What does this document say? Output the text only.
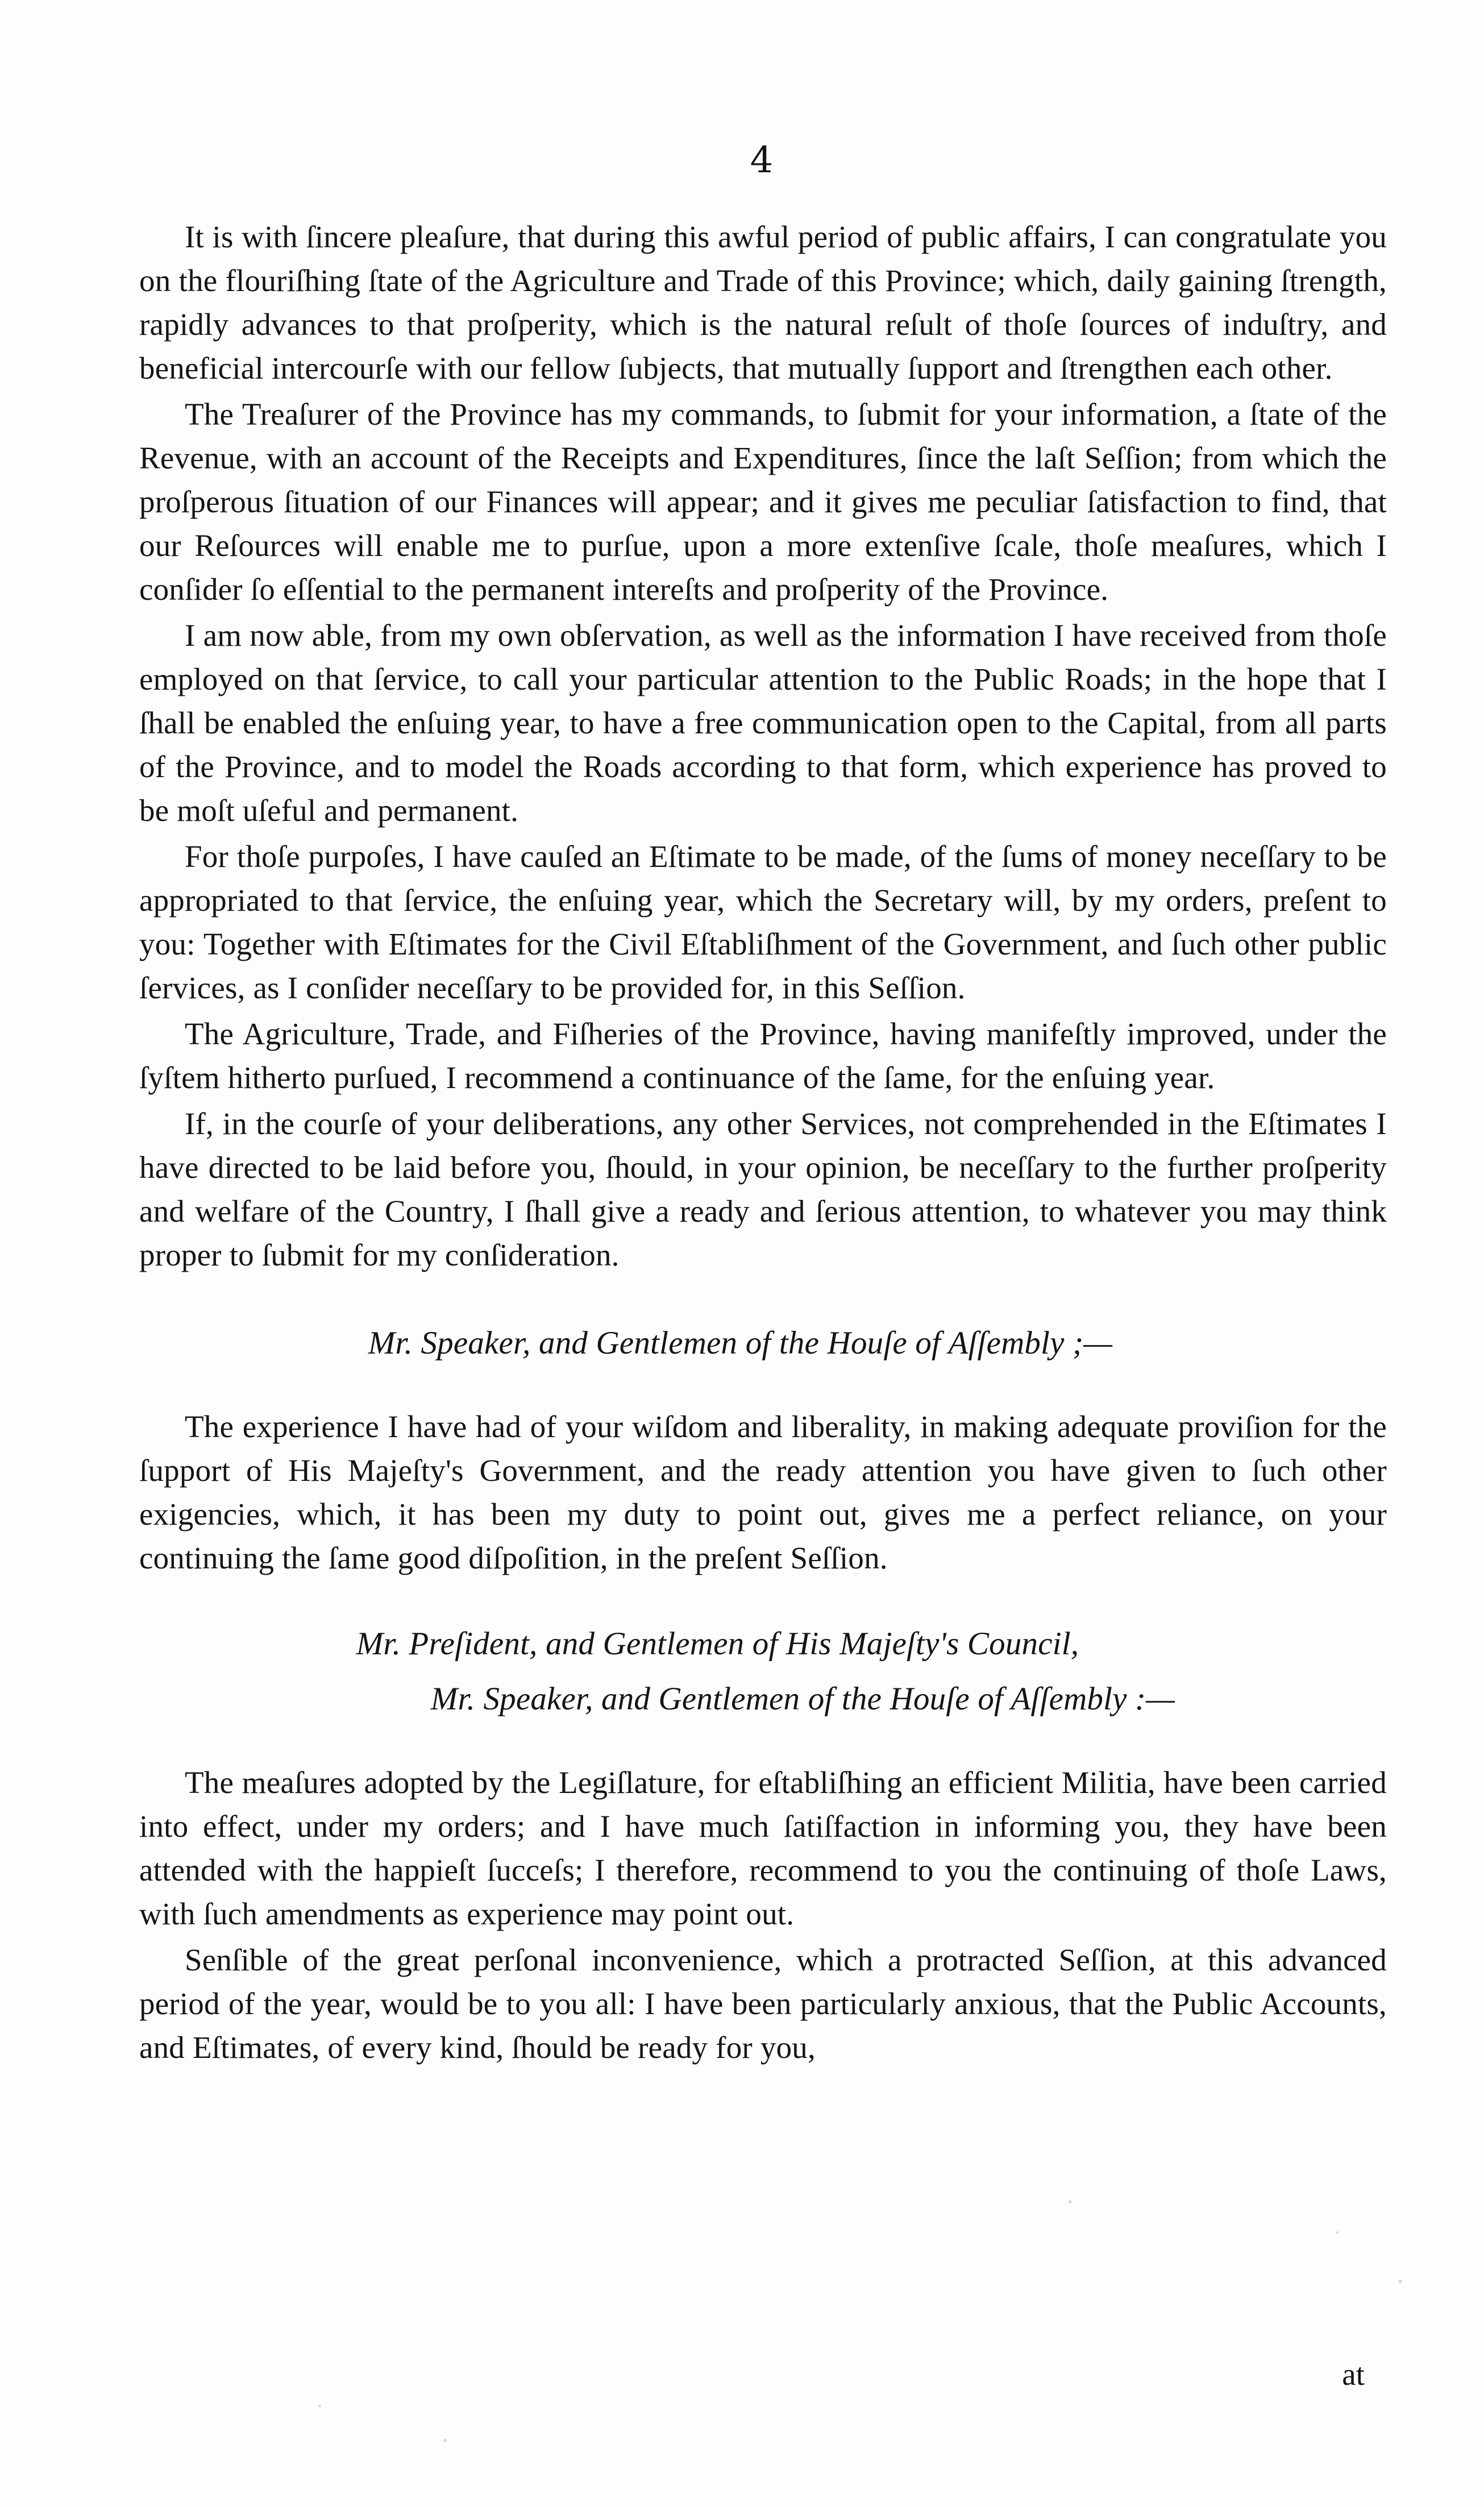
4

It is with ſincere pleaſure, that during this awful period of public affairs, I can congratulate you on the flouriſhing ſtate of the Agriculture and Trade of this Province; which, daily gaining ſtrength, rapidly advances to that proſperity, which is the natural reſult of thoſe ſources of induſtry, and beneficial intercourſe with our fellow ſubjects, that mutually ſupport and ſtrengthen each other.

The Treaſurer of the Province has my commands, to ſubmit for your information, a ſtate of the Revenue, with an account of the Receipts and Expenditures, ſince the laſt Seſſion; from which the proſperous ſituation of our Finances will appear; and it gives me peculiar ſatisfaction to find, that our Reſources will enable me to purſue, upon a more extenſive ſcale, thoſe meaſures, which I conſider ſo eſſential to the permanent intereſts and proſperity of the Province.

I am now able, from my own obſervation, as well as the information I have received from thoſe employed on that ſervice, to call your particular attention to the Public Roads; in the hope that I ſhall be enabled the enſuing year, to have a free communication open to the Capital, from all parts of the Province, and to model the Roads according to that form, which experience has proved to be moſt uſeful and permanent.

For thoſe purpoſes, I have cauſed an Eſtimate to be made, of the ſums of money neceſſary to be appropriated to that ſervice, the enſuing year, which the Secretary will, by my orders, preſent to you: Together with Eſtimates for the Civil Eſtabliſhment of the Government, and ſuch other public ſervices, as I conſider neceſſary to be provided for, in this Seſſion.

The Agriculture, Trade, and Fiſheries of the Province, having manifeſtly improved, under the ſyſtem hitherto purſued, I recommend a continuance of the ſame, for the enſuing year.

If, in the courſe of your deliberations, any other Services, not comprehended in the Eſtimates I have directed to be laid before you, ſhould, in your opinion, be neceſſary to the further proſperity and welfare of the Country, I ſhall give a ready and ſerious attention, to whatever you may think proper to ſubmit for my conſideration.

Mr. Speaker, and Gentlemen of the Houſe of Aſſembly ;—

The experience I have had of your wiſdom and liberality, in making adequate proviſion for the ſupport of His Majeſty's Government, and the ready attention you have given to ſuch other exigencies, which, it has been my duty to point out, gives me a perfect reliance, on your continuing the ſame good diſpoſition, in the preſent Seſſion.

Mr. Preſident, and Gentlemen of His Majeſty's Council,

Mr. Speaker, and Gentlemen of the Houſe of Aſſembly :—

The meaſures adopted by the Legiſlature, for eſtabliſhing an efficient Militia, have been carried into effect, under my orders; and I have much ſatiſfaction in informing you, they have been attended with the happieſt ſucceſs; I therefore, recommend to you the continuing of thoſe Laws, with ſuch amendments as experience may point out.

Senſible of the great perſonal inconvenience, which a protracted Seſſion, at this advanced period of the year, would be to you all: I have been particularly anxious, that the Public Accounts, and Eſtimates, of every kind, ſhould be ready for you,

at
